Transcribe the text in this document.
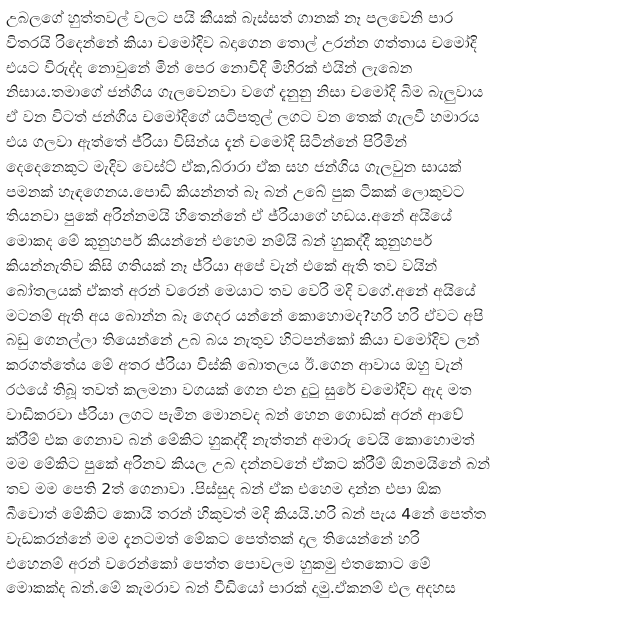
උබලගේ හුත්තවල් වලට පයි කීයක් බැස්සත් ගානක් නෑ පලවෙනි පාර
විතරයි රිදෙන්නේ කියා චමෝදිව බදාගෙන තොල් උරන්න ගත්තාය චමෝදි
එයට විරුද්ද නොවුනේ මින් පෙර නොවිදි මිහිරක් එයින් ලැබෙන
නිසාය.තමාගේ ජන්ගිය ගැලවෙනවා වගේ දැනුනු නිසා චමෝදි බිම බැලුවාය
ඒ වන විටත් ජන්ගිය චමෝදිගේ යටිපතුල් ලගට වන තෙක් ගැලවී හමාරය
එය ගලවා ඇත්තේ ජ්රියා විසින්ය දැන් චමෝදි සිටින්නේ පිරිමින්
දෙදෙනෙකුට මැදිව වෙස්ට් ඒක,බ්රාරා ඒක සහ ජන්ගිය ගැලවුන සායක්
පමනක් හැඳගෙනය.පොඩි කියන්නත් බෑ බන් උබේ පුක ටිකක් ලොකුවට
තියනවා පුකේ අරින්නමයි හිතෙන්නේ ඒ ජ්රියාගේ හඩය.අනේ අයියේ
මොකද මේ කුනුහර්ප කියන්නේ එහෙම නම්යි බන් හුකද්දී කුනුහර්ප
කියන්නැතිව කිසි ගතියක් නෑ ජ්රියා අපේ වැන් එකේ ඇති තව වයින්
බෝතලයක් ඒකත් අරන් වරෙන් මෙයාට තව වෙරි මදි වගේ.අනේ අයියේ
මටනම් ඇති අය බොන්න බෑ ගෙදර යන්නේ කොහොමද?හරි හරි ඒවට අපි
බඩු ගෙනල්ලා තියෙන්නේ උබ බය නැතුව හිටපන්කෝ කියා චමෝදිව ලන්
කරගත්තේය මේ අතර ජ්රියා විස්කි බොතලය ඊ.ගෙන ආවාය ඔහු වැන්
රථයේ තිබූ තවත් කලමනා වගයක් ගෙන එන දුටු සුරේ චමෝදිව ඇද මත
වාඩිකරවා ජ්රියා ලගට පැමින මොනවද බන් හෙන ගොඩක් අරන් ආවේ
ක්රීම් එක ගෙනාව බන් මේකිට හුකද්දී නැත්තන් අමාරු වෙයි කොහොමත්
මම මේකිට පුකේ අරිනව කියල උබ දන්නවනේ ඒකට ක්රීම් ඕනමයිනේ බන්
තව මම පෙති 2ත් ගෙනාවා .පිස්සුද බන් ඒක එහෙම දාන්න එපා ඕක
බීවොත් මේකිට කොයි තරන් හිකුවත් මදි කියයි.හරි බන් පැය 4නේ පෙත්ත
වැඩකරන්නේ මම දැනටමත් මේකට පෙත්තක් දාල තියෙන්නේ හරි
එහෙනම් අරන් වරෙන්කෝ පෙත්ත පොවලම හුකමු එතකොට මේ
මොකක්ද බන්.මේ කැමරාව බන් වීඩියෝ පාරක් දාමු.ඒකනම් එල අදහස
